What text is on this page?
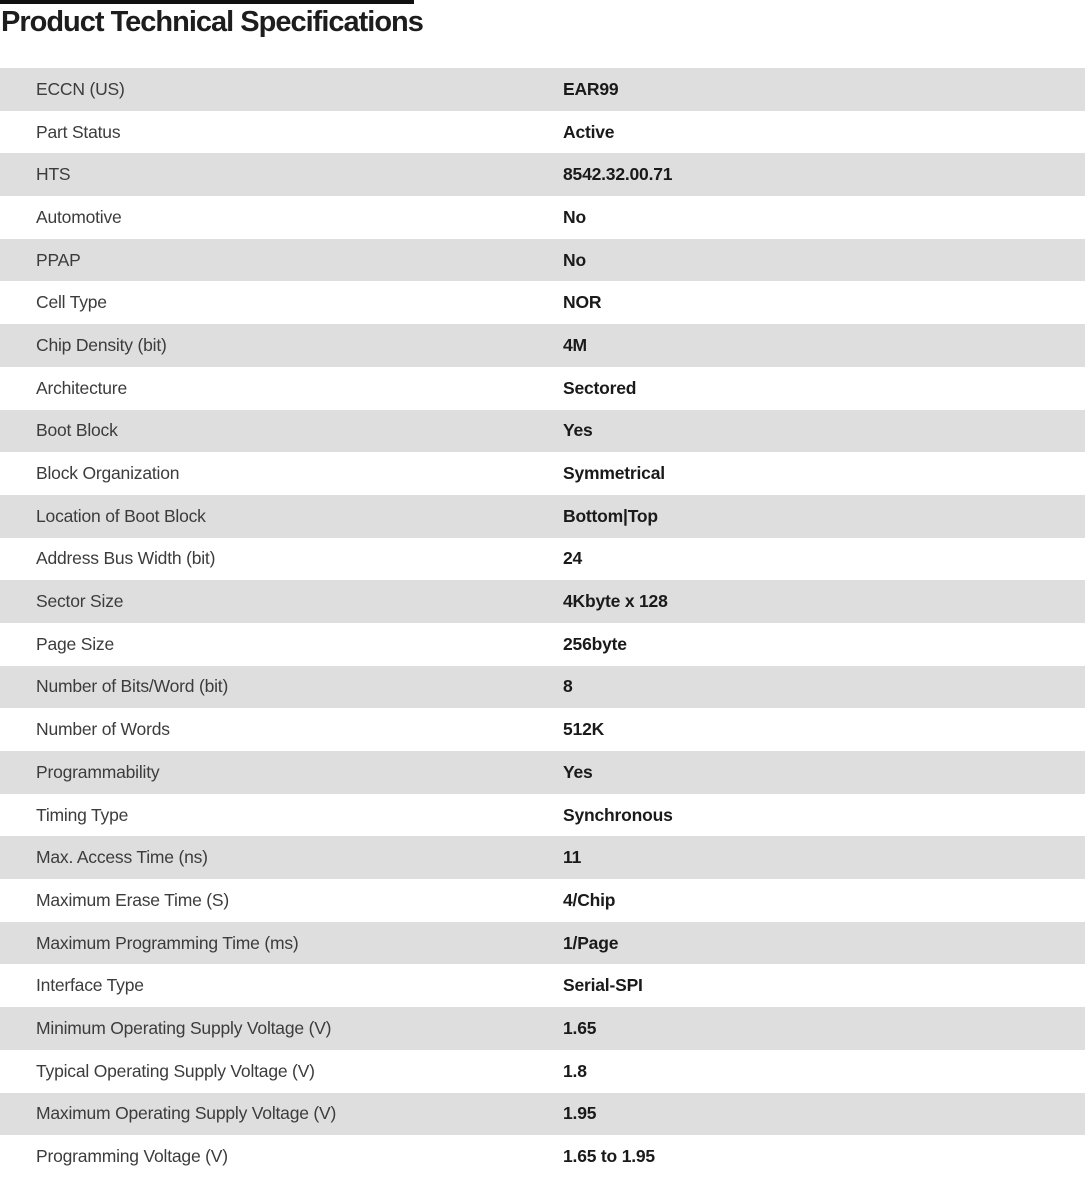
Product Technical Specifications
ECCN (US)	EAR99
Part Status	Active
HTS	8542.32.00.71
Automotive	No
PPAP	No
Cell Type	NOR
Chip Density (bit)	4M
Architecture	Sectored
Boot Block	Yes
Block Organization	Symmetrical
Location of Boot Block	Bottom|Top
Address Bus Width (bit)	24
Sector Size	4Kbyte x 128
Page Size	256byte
Number of Bits/Word (bit)	8
Number of Words	512K
Programmability	Yes
Timing Type	Synchronous
Max. Access Time (ns)	11
Maximum Erase Time (S)	4/Chip
Maximum Programming Time (ms)	1/Page
Interface Type	Serial-SPI
Minimum Operating Supply Voltage (V)	1.65
Typical Operating Supply Voltage (V)	1.8
Maximum Operating Supply Voltage (V)	1.95
Programming Voltage (V)	1.65 to 1.95
